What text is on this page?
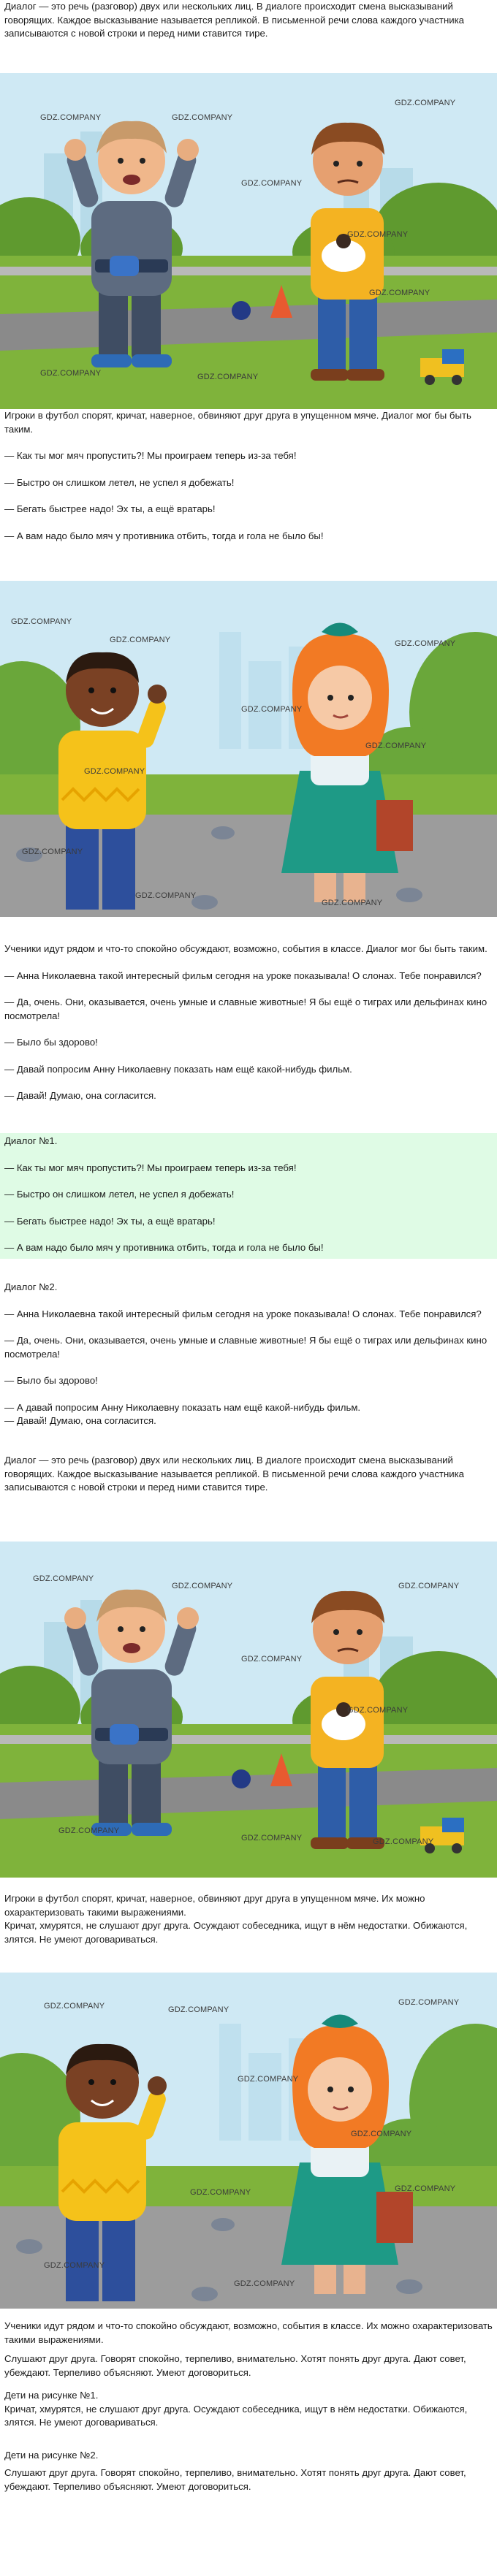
Диалог — это речь (разговор) двух или нескольких лиц. В диалоге происходит смена высказываний говорящих. Каждое высказывание называется репликой. В письменной речи слова каждого участника записываются с новой строки и перед ними ставится тире.

GDZ.COMPANY	GDZ.COMPANY
GDZ.COMPANY
GDZ.COMPANY
GDZ.COMPANY
GDZ.COMPANY
GDZ.COMPANY	GDZ.COMPANY

Игроки в футбол спорят, кричат, наверное, обвиняют друг друга в упущенном мяче. Диалог мог бы быть таким.

— Как ты мог мяч пропустить?! Мы проиграем теперь из-за тебя!

— Быстро он слишком летел, не успел я добежать!

— Бегать быстрее надо! Эх ты, а ещё вратарь!

— А вам надо было мяч у противника отбить, тогда и гола не было бы!

GDZ.COMPANY
GDZ.COMPANY	GDZ.COMPANY
GDZ.COMPANY
GDZ.COMPANY
GDZ.COMPANY
GDZ.COMPANY
GDZ.COMPANY
GDZ.COMPANY

Ученики идут рядом и что-то спокойно обсуждают, возможно, события в классе. Диалог мог бы быть таким.

— Анна Николаевна такой интересный фильм сегодня на уроке показывала! О слонах. Тебе понравился?

— Да, очень. Они, оказывается, очень умные и славные животные! Я бы ещё о тиграх или дельфинах кино посмотрела!

— Было бы здорово!

— Давай попросим Анну Николаевну показать нам ещё какой-нибудь фильм.

— Давай! Думаю, она согласится.

Диалог №1.

— Как ты мог мяч пропустить?! Мы проиграем теперь из-за тебя!

— Быстро он слишком летел, не успел я добежать!

— Бегать быстрее надо! Эх ты, а ещё вратарь!

— А вам надо было мяч у противника отбить, тогда и гола не было бы!

Диалог №2.

— Анна Николаевна такой интересный фильм сегодня на уроке показывала! О слонах. Тебе понравился?

— Да, очень. Они, оказывается, очень умные и славные животные! Я бы ещё о тиграх или дельфинах кино посмотрела!

— Было бы здорово!

— А давай попросим Анну Николаевну показать нам ещё какой-нибудь фильм.

— Давай! Думаю, она согласится.

Диалог — это речь (разговор) двух или нескольких лиц. В диалоге происходит смена высказываний говорящих. Каждое высказывание называется репликой. В письменной речи слова каждого участника записываются с новой строки и перед ними ставится тире.

GDZ.COMPANY
GDZ.COMPANY	GDZ.COMPANY
GDZ.COMPANY
GDZ.COMPANY
GDZ.COMPANY
GDZ.COMPANY	GDZ.COMPANY

Игроки в футбол спорят, кричат, наверное, обвиняют друг друга в упущенном мяче. Их можно охарактеризовать такими выражениями.

Кричат, хмурятся, не слушают друг друга. Осуждают собеседника, ищут в нём недостатки. Обижаются, злятся. Не умеют договариваться.

GDZ.COMPANY	GDZ.COMPANY
GDZ.COMPANY
GDZ.COMPANY
GDZ.COMPANY
GDZ.COMPANY
GDZ.COMPANY
GDZ.COMPANY
GDZ.COMPANY

Ученики идут рядом и что-то спокойно обсуждают, возможно, события в классе. Их можно охарактеризовать такими выражениями.

Слушают друг друга. Говорят спокойно, терпеливо, внимательно. Хотят понять друг друга. Дают совет, убеждают. Терпеливо объясняют. Умеют договориться.

Дети на рисунке №1.

Кричат, хмурятся, не слушают друг друга. Осуждают собеседника, ищут в нём недостатки. Обижаются, злятся. Не умеют договариваться.

Дети на рисунке №2.

Слушают друг друга. Говорят спокойно, терпеливо, внимательно. Хотят понять друг друга. Дают совет, убеждают. Терпеливо объясняют. Умеют договориться.
